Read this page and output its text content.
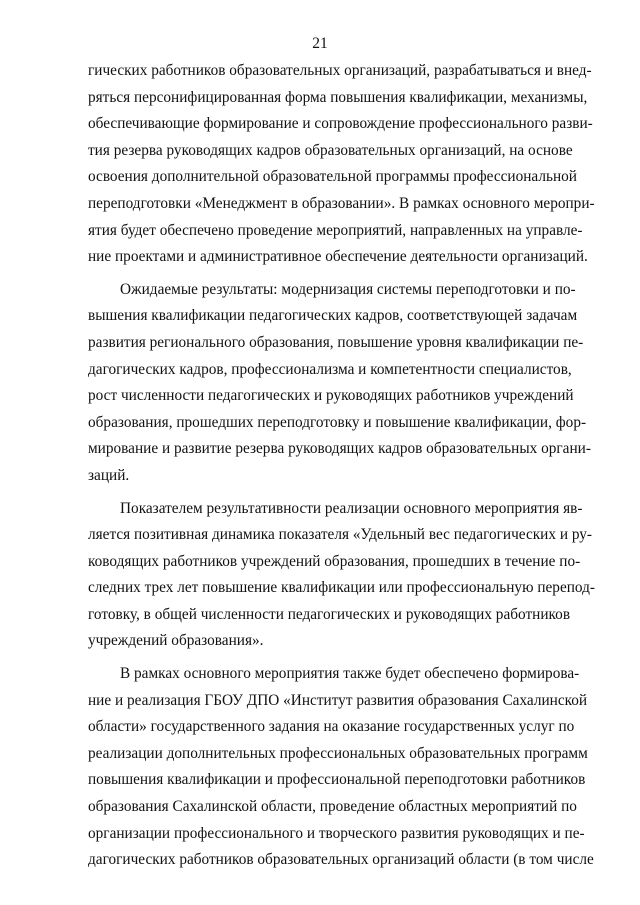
21
гических работников образовательных организаций, разрабатываться и внед-
ряться персонифицированная форма повышения квалификации, механизмы,
обеспечивающие формирование и сопровождение профессионального разви-
тия резерва руководящих кадров образовательных организаций, на основе
освоения дополнительной образовательной программы профессиональной
переподготовки «Менеджмент в образовании». В рамках основного меропри-
ятия будет обеспечено проведение мероприятий, направленных на управле-
ние проектами и административное обеспечение деятельности организаций.
Ожидаемые результаты: модернизация системы переподготовки и по-
вышения квалификации педагогических кадров, соответствующей задачам
развития регионального образования, повышение уровня квалификации пе-
дагогических кадров, профессионализма и компетентности специалистов,
рост численности педагогических и руководящих работников учреждений
образования, прошедших переподготовку и повышение квалификации, фор-
мирование и развитие резерва руководящих кадров образовательных органи-
заций.
Показателем результативности реализации основного мероприятия яв-
ляется позитивная динамика показателя «Удельный вес педагогических и ру-
ководящих работников учреждений образования, прошедших в течение по-
следних трех лет повышение квалификации или профессиональную перепод-
готовку, в общей численности педагогических и руководящих работников
учреждений образования».
В рамках основного мероприятия также будет обеспечено формирова-
ние и реализация ГБОУ ДПО «Институт развития образования Сахалинской
области» государственного задания на оказание государственных услуг по
реализации дополнительных профессиональных образовательных программ
повышения квалификации и профессиональной переподготовки работников
образования Сахалинской области, проведение областных мероприятий по
организации профессионального и творческого развития руководящих и пе-
дагогических работников образовательных организаций области (в том числе
